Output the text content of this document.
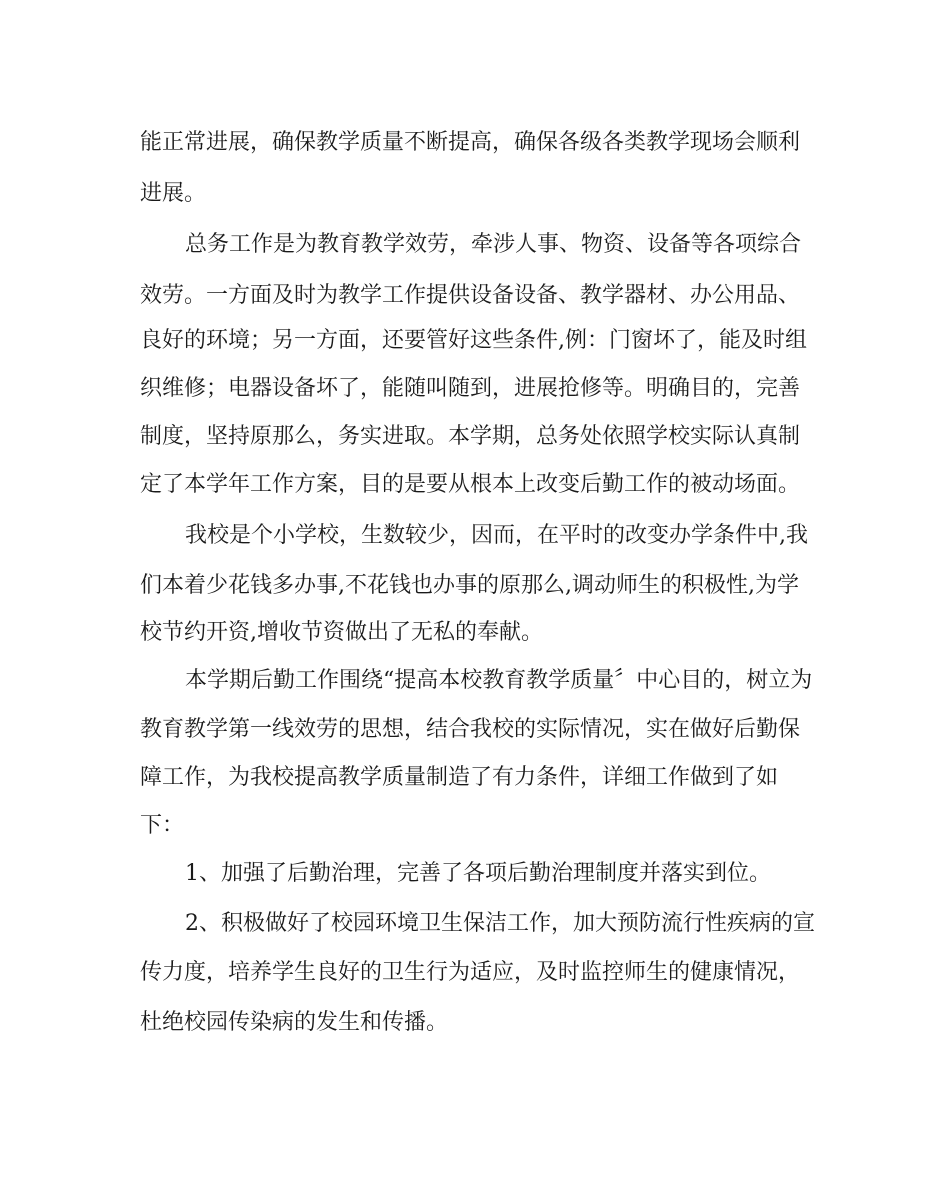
能正常进展，确保教学质量不断提高，确保各级各类教学现场会顺利

进展。

总务工作是为教育教学效劳，牵涉人事、物资、设备等各项综合

效劳。一方面及时为教学工作提供设备设备、教学器材、办公用品、

良好的环境；另一方面，还要管好这些条件,例：门窗坏了，能及时组

织维修；电器设备坏了，能随叫随到，进展抢修等。明确目的，完善

制度，坚持原那么，务实进取。本学期，总务处依照学校实际认真制

定了本学年工作方案，目的是要从根本上改变后勤工作的被动场面。

我校是个小学校，生数较少，因而，在平时的改变办学条件中,我

们本着少花钱多办事,不花钱也办事的原那么,调动师生的积极性,为学

校节约开资,增收节资做出了无私的奉献。

本学期后勤工作围绕“提高本校教育教学质量〞中心目的，树立为

教育教学第一线效劳的思想，结合我校的实际情况，实在做好后勤保

障工作，为我校提高教学质量制造了有力条件，详细工作做到了如

下：

1、加强了后勤治理，完善了各项后勤治理制度并落实到位。

2、积极做好了校园环境卫生保洁工作，加大预防流行性疾病的宣

传力度，培养学生良好的卫生行为适应，及时监控师生的健康情况，

杜绝校园传染病的发生和传播。
